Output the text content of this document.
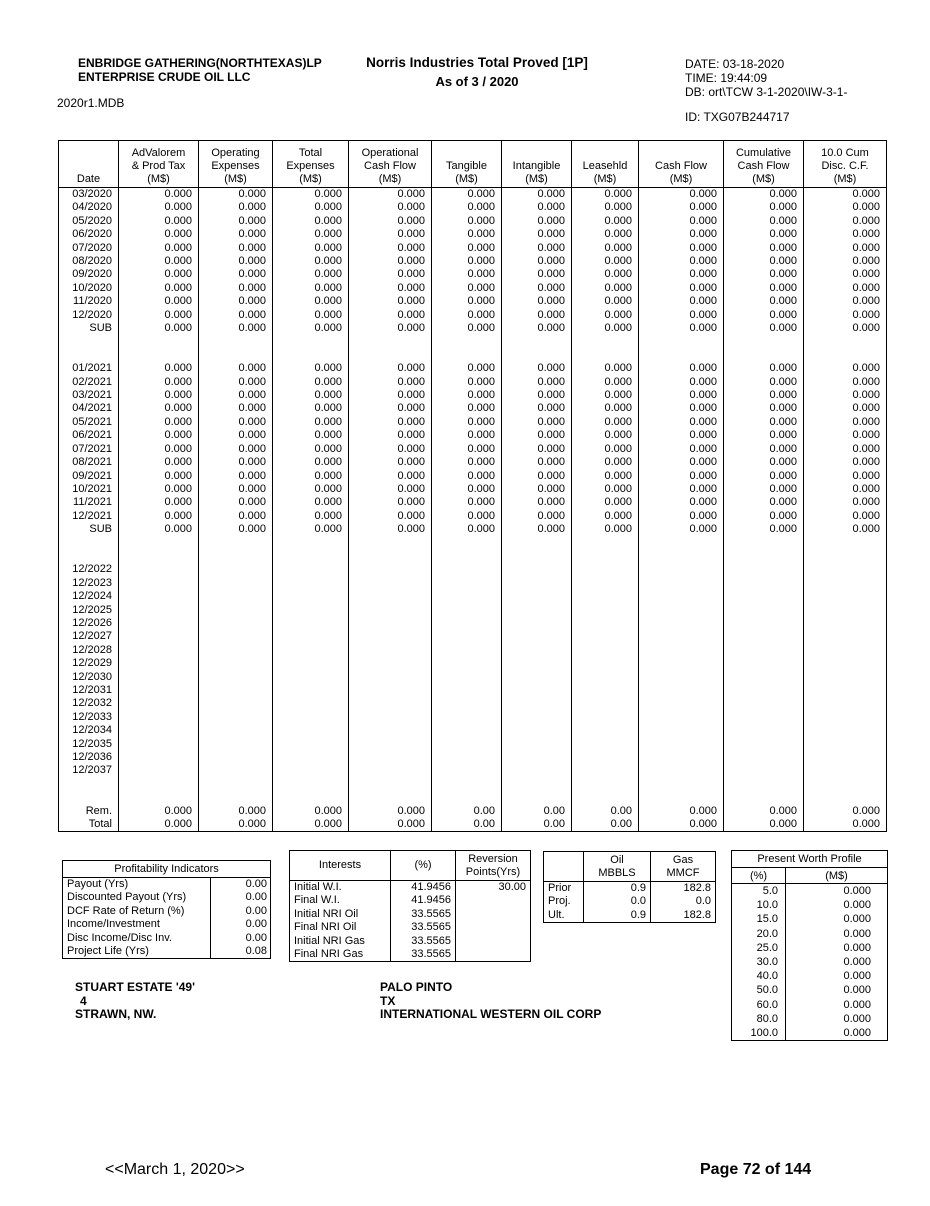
ENBRIDGE GATHERING(NORTHTEXAS)LP
ENTERPRISE CRUDE OIL LLC
Norris Industries Total Proved [1P]
As of 3 / 2020
DATE: 03-18-2020
TIME: 19:44:09
DB: ort\TCW 3-1-2020\IW-3-1-
2020r1.MDB
ID: TXG07B244717
Date

AdValorem
& Prod Tax
(M$)

Operating
Expenses
(M$)

Total
Expenses
(M$)

Operational
Cash Flow
(M$)

Tangible
(M$)

Intangible
(M$)

Leasehld
(M$)

Cash Flow
(M$)

Cumulative
Cash Flow
(M$)

10.0 Cum
Disc. C.F.
(M$)

03/2020	0.000	0.000	0.000	0.000	0.000	0.000	0.000	0.000	0.000	0.000
04/2020	0.000	0.000	0.000	0.000	0.000	0.000	0.000	0.000	0.000	0.000
05/2020	0.000	0.000	0.000	0.000	0.000	0.000	0.000	0.000	0.000	0.000
06/2020	0.000	0.000	0.000	0.000	0.000	0.000	0.000	0.000	0.000	0.000
07/2020	0.000	0.000	0.000	0.000	0.000	0.000	0.000	0.000	0.000	0.000
08/2020	0.000	0.000	0.000	0.000	0.000	0.000	0.000	0.000	0.000	0.000
09/2020	0.000	0.000	0.000	0.000	0.000	0.000	0.000	0.000	0.000	0.000
10/2020	0.000	0.000	0.000	0.000	0.000	0.000	0.000	0.000	0.000	0.000
11/2020	0.000	0.000	0.000	0.000	0.000	0.000	0.000	0.000	0.000	0.000
12/2020	0.000	0.000	0.000	0.000	0.000	0.000	0.000	0.000	0.000	0.000
SUB	0.000	0.000	0.000	0.000	0.000	0.000	0.000	0.000	0.000	0.000

01/2021	0.000	0.000	0.000	0.000	0.000	0.000	0.000	0.000	0.000	0.000
02/2021	0.000	0.000	0.000	0.000	0.000	0.000	0.000	0.000	0.000	0.000
03/2021	0.000	0.000	0.000	0.000	0.000	0.000	0.000	0.000	0.000	0.000
04/2021	0.000	0.000	0.000	0.000	0.000	0.000	0.000	0.000	0.000	0.000
05/2021	0.000	0.000	0.000	0.000	0.000	0.000	0.000	0.000	0.000	0.000
06/2021	0.000	0.000	0.000	0.000	0.000	0.000	0.000	0.000	0.000	0.000
07/2021	0.000	0.000	0.000	0.000	0.000	0.000	0.000	0.000	0.000	0.000
08/2021	0.000	0.000	0.000	0.000	0.000	0.000	0.000	0.000	0.000	0.000
09/2021	0.000	0.000	0.000	0.000	0.000	0.000	0.000	0.000	0.000	0.000
10/2021	0.000	0.000	0.000	0.000	0.000	0.000	0.000	0.000	0.000	0.000
11/2021	0.000	0.000	0.000	0.000	0.000	0.000	0.000	0.000	0.000	0.000
12/2021	0.000	0.000	0.000	0.000	0.000	0.000	0.000	0.000	0.000	0.000
SUB	0.000	0.000	0.000	0.000	0.000	0.000	0.000	0.000	0.000	0.000

12/2022										
12/2023										
12/2024										
12/2025										
12/2026										
12/2027										
12/2028										
12/2029										
12/2030										
12/2031										
12/2032										
12/2033										
12/2034										
12/2035										
12/2036										
12/2037										

Rem.	0.000	0.000	0.000	0.000	0.00	0.00	0.00	0.000	0.000	0.000
Total	0.000	0.000	0.000	0.000	0.00	0.00	0.00	0.000	0.000	0.000
Profitability Indicators	
Payout (Yrs)	0.00
Discounted Payout (Yrs)	0.00
DCF Rate of Return (%)	0.00
Income/Investment	0.00
Disc Income/Disc Inv.	0.00
Project Life (Yrs)	0.08
Interests	(%)	Reversion
Points(Yrs)

Initial W.I.	41.9456	30.00
Final W.I.	41.9456	
Initial NRI Oil	33.5565	
Final NRI Oil	33.5565	
Initial NRI Gas	33.5565	
Final NRI Gas	33.5565	

Oil
MBBLS

Gas
MMCF

Prior	0.9	182.8
Proj.	0.0	0.0
Ult.	0.9	182.8
Present Worth Profile	
(%)	(M$)
5.0	0.000
10.0	0.000
15.0	0.000
20.0	0.000
25.0	0.000
30.0	0.000
40.0	0.000
50.0	0.000
60.0	0.000
80.0	0.000
100.0	0.000
STUART ESTATE '49'
4
STRAWN, NW.
PALO PINTO
TX
INTERNATIONAL WESTERN OIL CORP
<<March 1, 2020>>	Page 72 of 144
